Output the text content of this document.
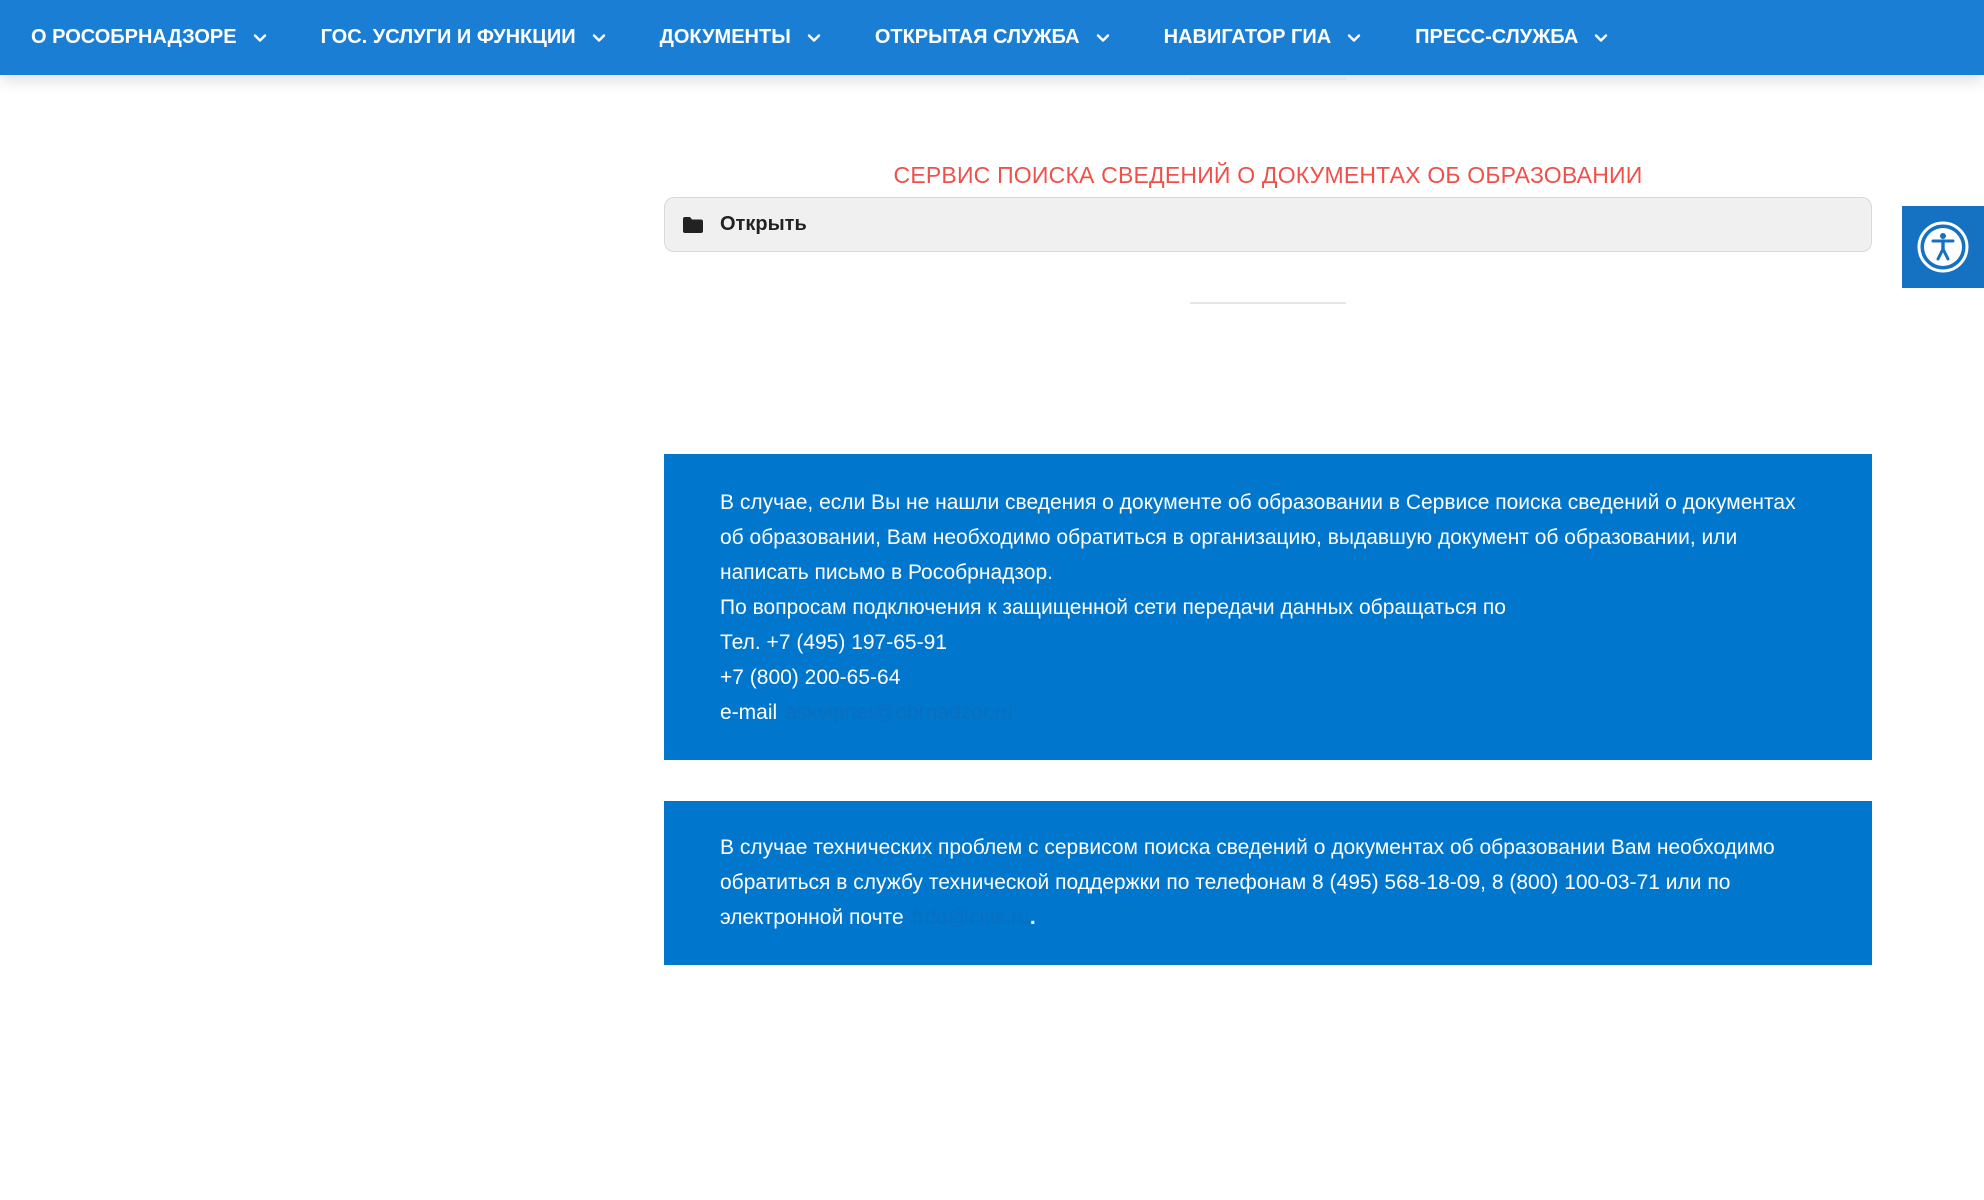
О РОСОБРНАДЗОРЕ	ГОС. УСЛУГИ И ФУНКЦИИ	ДОКУМЕНТЫ	ОТКРЫТАЯ СЛУЖБА	НАВИГАТОР ГИА	ПРЕСС-СЛУЖБА
СЕРВИС ПОИСКА СВЕДЕНИЙ О ДОКУМЕНТАХ ОБ ОБРАЗОВАНИИ
Открыть

В случае, если Вы не нашли сведения о документе об образовании в Сервисе поиска сведений о документах об образовании, Вам необходимо обратиться в организацию, выдавшую документ об образовании, или написать письмо в Рособрнадзор.

По вопросам подключения к защищенной сети передачи данных обращаться по

Тел. +7 (495) 197-65-91

+7 (800) 200-65-64

e-mail askvipnet@obrnadzor.ru

В случае технических проблем с сервисом поиска сведений о документах об образовании Вам необходимо обратиться в службу технической поддержки по телефонам 8 (495) 568-18-09, 8 (800) 100-03-71 или по электронной почте frdo@citis.ru.
